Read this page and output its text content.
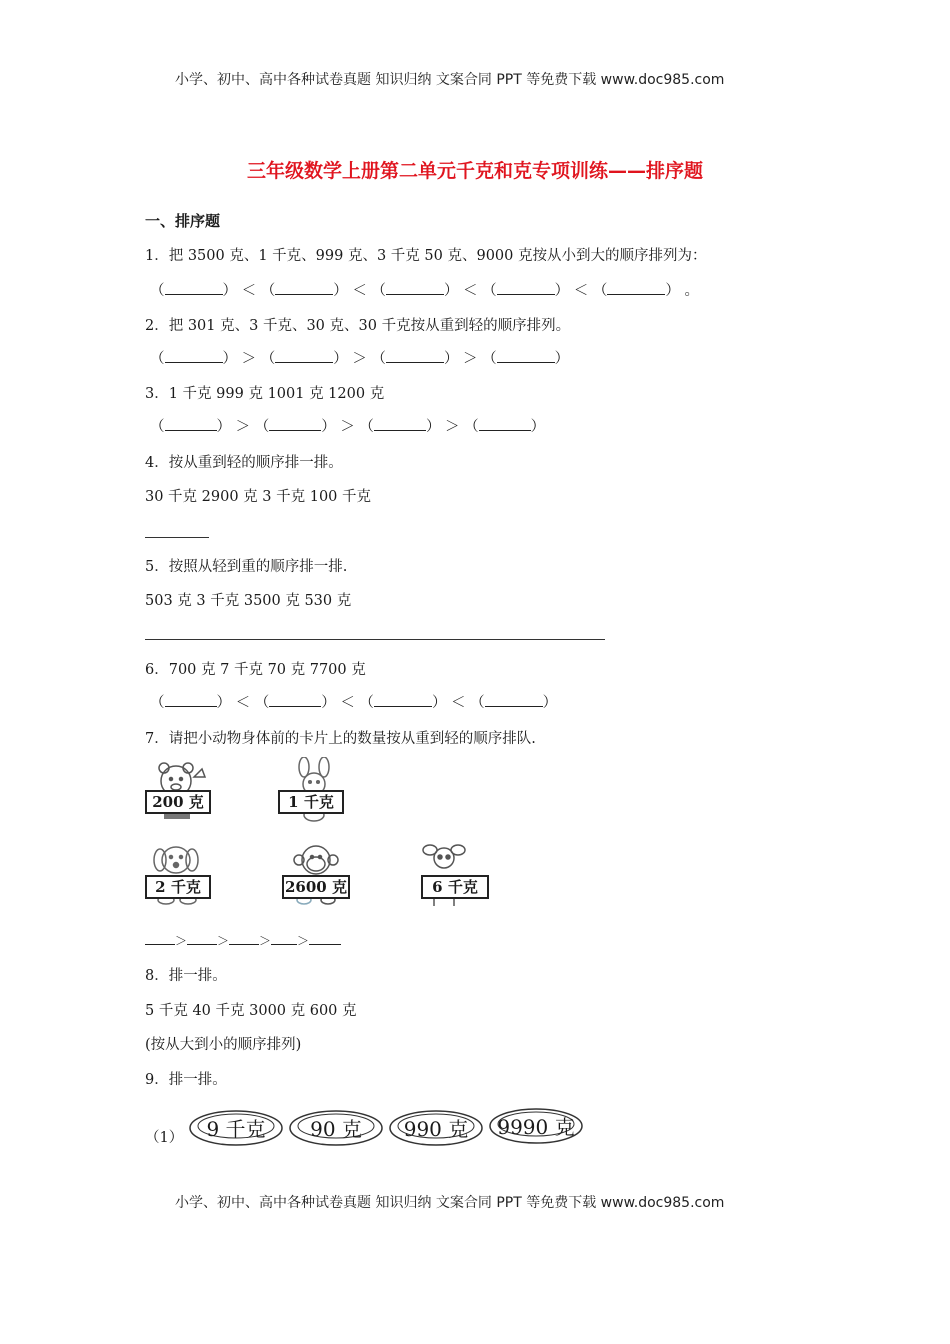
小学、初中、高中各种试卷真题 知识归纳 文案合同 PPT 等免费下载 www.doc985.com
三年级数学上册第二单元千克和克专项训练——排序题
一、排序题
1．把 3500 克、1 千克、999 克、3 千克 50 克、9000 克按从小到大的顺序排列为：
（	） ＜ （	） ＜ （	） ＜ （	） ＜ （	） 。
2．把 301 克、3 千克、30 克、30 千克按从重到轻的顺序排列。
（	） ＞ （	） ＞ （	） ＞ （	）
3．1 千克 999 克 1001 克 1200 克
（	） ＞ （	） ＞ （	） ＞ （	）
4．按从重到轻的顺序排一排。
30 千克 2900 克 3 千克 100 千克
5．按照从轻到重的顺序排一排.
503 克 3 千克 3500 克 530 克
6．700 克 7 千克 70 克 7700 克
（	） ＜ （	） ＜ （	） ＜ （	）
7．请把小动物身体前的卡片上的数量按从重到轻的顺序排队.
200 克	1 千克
2 千克	2600 克	6 千克
＞	＞	＞ ＞
8．排一排。
5 千克 40 千克 3000 克 600 克
(按从大到小的顺序排列)
9．排一排。
（1）	9 千克	90 克	990 克	9990 克
小学、初中、高中各种试卷真题 知识归纳 文案合同 PPT 等免费下载 www.doc985.com
